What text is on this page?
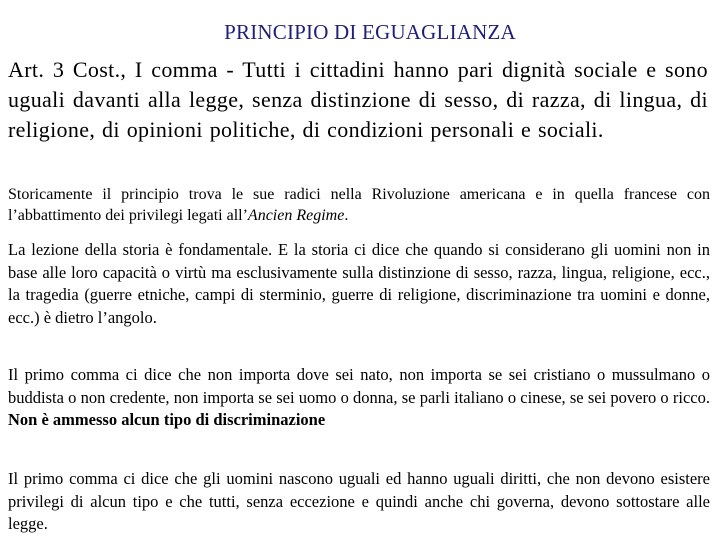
PRINCIPIO DI EGUAGLIANZA
Art. 3 Cost., I comma - Tutti i cittadini hanno pari dignità sociale e sono uguali davanti alla legge, senza distinzione di sesso, di razza, di lingua, di religione, di opinioni politiche, di condizioni personali e sociali.
Storicamente il principio trova le sue radici nella Rivoluzione americana e in quella francese con l’abbattimento dei privilegi legati all’Ancien Regime.
La lezione della storia è fondamentale. E la storia ci dice che quando si considerano gli uomini non in base alle loro capacità o virtù ma esclusivamente sulla distinzione di sesso, razza, lingua, religione, ecc., la tragedia (guerre etniche, campi di sterminio, guerre di religione, discriminazione tra uomini e donne, ecc.) è dietro l’angolo.
Il primo comma ci dice che non importa dove sei nato, non importa se sei cristiano o mussulmano o buddista o non credente, non importa se sei uomo o donna, se parli italiano o cinese, se sei povero o ricco. Non è ammesso alcun tipo di discriminazione
Il primo comma ci dice che gli uomini nascono uguali ed hanno uguali diritti, che non devono esistere privilegi di alcun tipo e che tutti, senza eccezione e quindi anche chi governa, devono sottostare alle legge.
